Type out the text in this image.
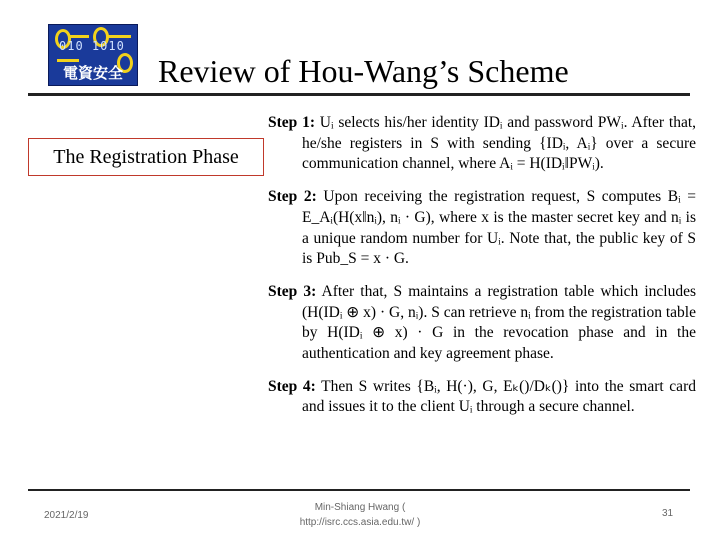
010 1010
電資安全	Review of Hou-Wang’s Scheme
The Registration Phase
Step 1: Uᵢ selects his/her identity IDᵢ and password PWᵢ. After that, he/she registers in S with sending {IDᵢ, Aᵢ} over a secure communication channel, where Aᵢ = H(IDᵢ‖PWᵢ).
Step 2: Upon receiving the registration request, S computes Bᵢ = E_Aᵢ(H(x‖nᵢ), nᵢ · G), where x is the master secret key and nᵢ is a unique random number for Uᵢ. Note that, the public key of S is Pub_S = x · G.
Step 3: After that, S maintains a registration table which includes (H(IDᵢ ⊕ x) · G, nᵢ). S can retrieve nᵢ from the registration table by H(IDᵢ ⊕ x) · G in the revocation phase and in the authentication and key agreement phase.
Step 4: Then S writes {Bᵢ, H(·), G, Eₖ()/Dₖ()} into the smart card and issues it to the client Uᵢ through a secure channel.
2021/2/19
Min-Shiang Hwang (
http://isrc.ccs.asia.edu.tw/ )
31
